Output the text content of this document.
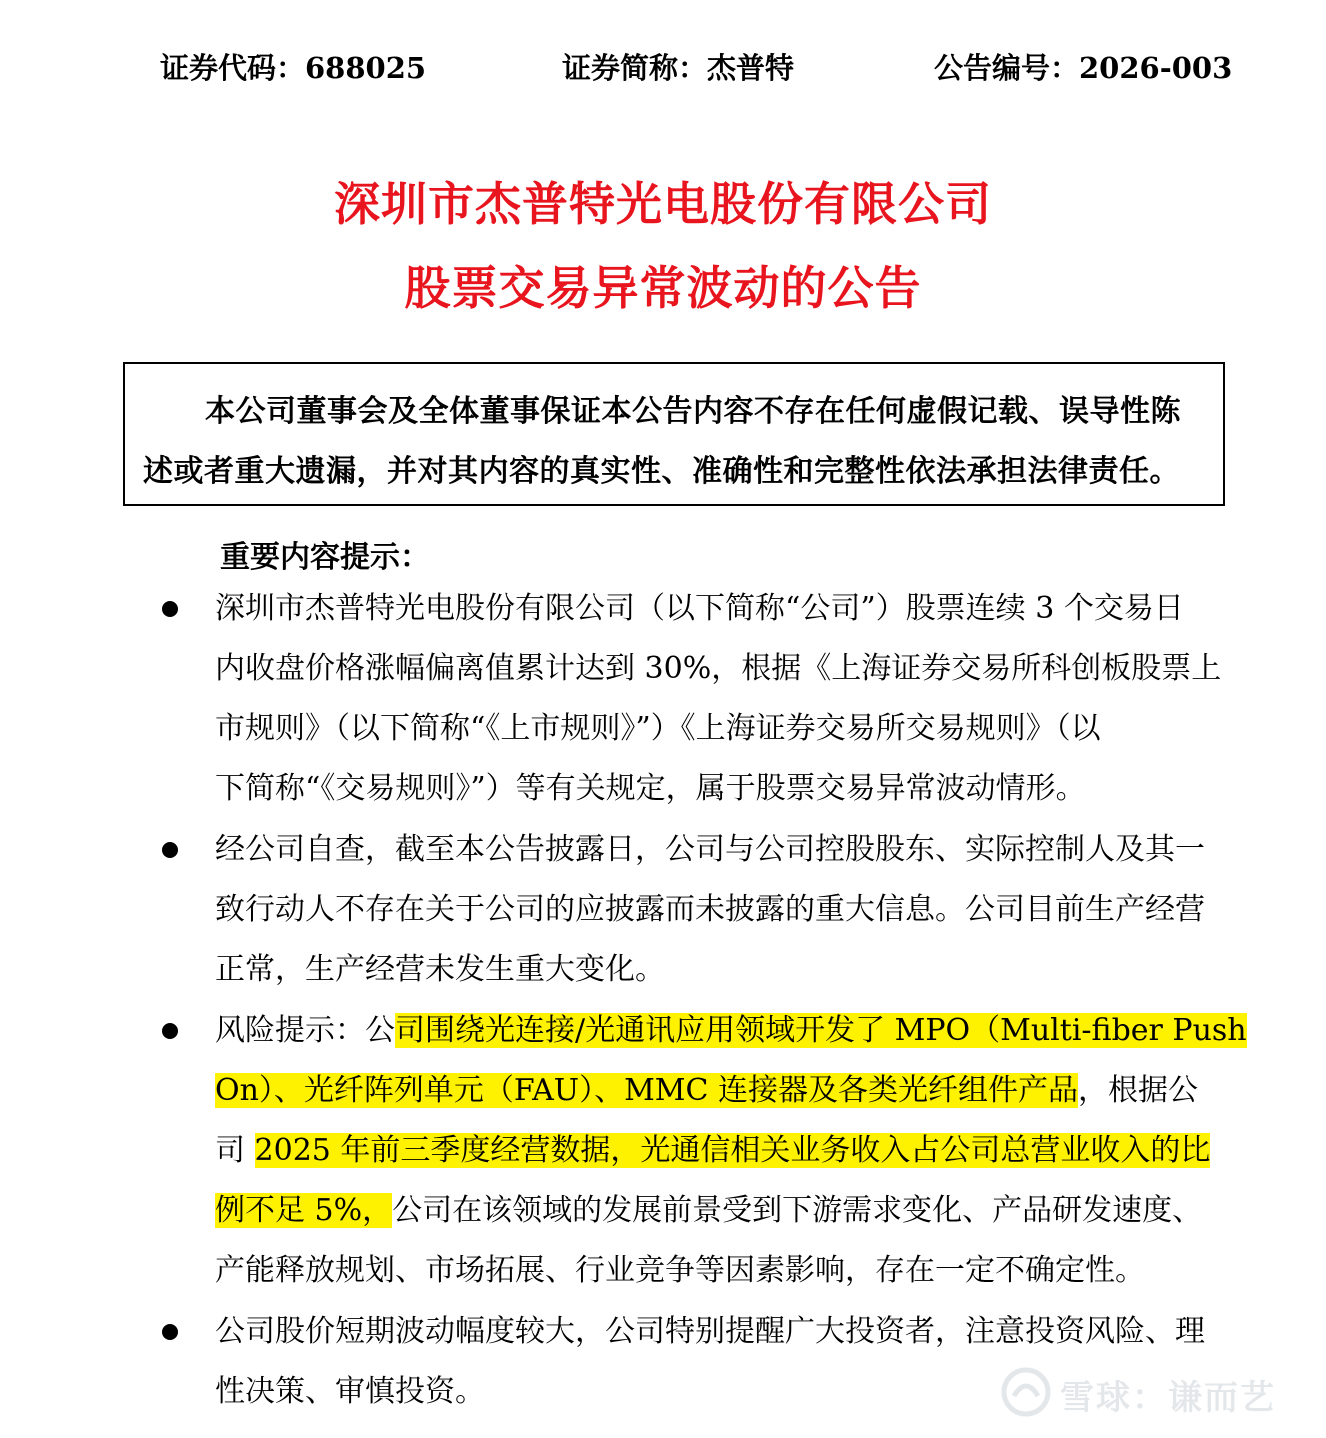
证券代码：688025	证券简称：杰普特	公告编号：2026-003
深圳市杰普特光电股份有限公司
股票交易异常波动的公告
本公司董事会及全体董事保证本公告内容不存在任何虚假记载、误导性陈
述或者重大遗漏，并对其内容的真实性、准确性和完整性依法承担法律责任。
重要内容提示：
深圳市杰普特光电股份有限公司（以下简称“公司”）股票连续 3 个交易日
内收盘价格涨幅偏离值累计达到 30%，根据《上海证券交易所科创板股票上
市规则》（以下简称“《上市规则》”）《上海证券交易所交易规则》（以
下简称“《交易规则》”）等有关规定，属于股票交易异常波动情形。
经公司自查，截至本公告披露日，公司与公司控股股东、实际控制人及其一
致行动人不存在关于公司的应披露而未披露的重大信息。公司目前生产经营
正常，生产经营未发生重大变化。
风险提示：公司围绕光连接/光通讯应用领域开发了 MPO（Multi-fiber Push
On）、光纤阵列单元（FAU）、MMC 连接器及各类光纤组件产品，根据公
司 2025 年前三季度经营数据，光通信相关业务收入占公司总营业收入的比
例不足 5%，公司在该领域的发展前景受到下游需求变化、产品研发速度、
产能释放规划、市场拓展、行业竞争等因素影响，存在一定不确定性。
公司股价短期波动幅度较大，公司特别提醒广大投资者，注意投资风险、理
性决策、审慎投资。	雪球：谦而艺
